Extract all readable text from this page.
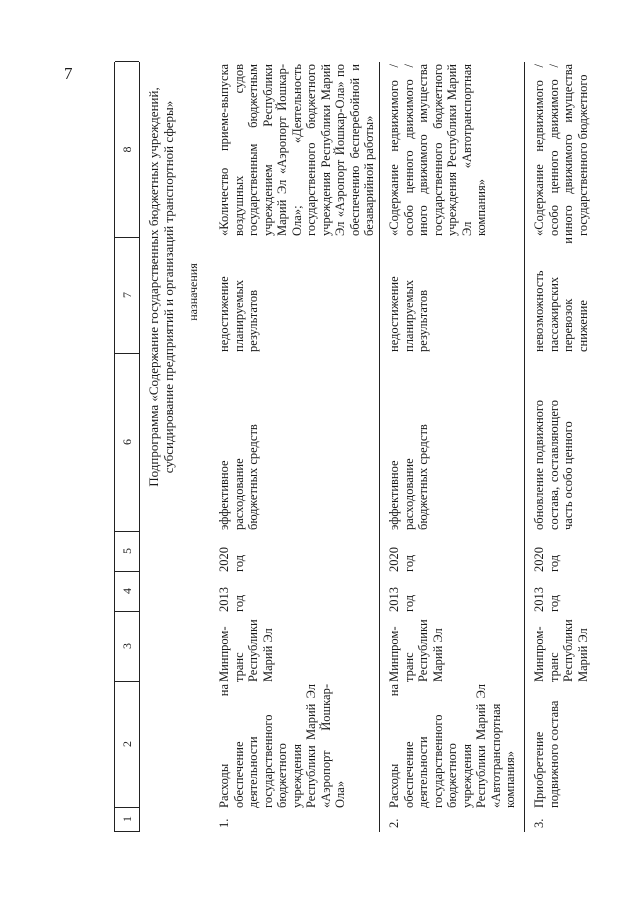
7
1
2
3
4
5
6
7
8 Подпрограмма «Содержание государственных бюджетных учреждений, субсидирование предприятий и организаций транспортной сферы» назначения
1.
Расходы на обеспечение деятельности государственного бюджетного учреждения Республики Марий Эл «Аэропорт Йошкар-Ола»
Минпром-транс Республики Марий Эл
2013 год
2020 год
эффективное расходование бюджетных средств
недостижение планируемых результатов
«Количество приеме-выпуска воздушных судов государственным бюджетным учреждением Республики Марий Эл «Аэропорт Йошкар-Ола»; «Деятельность государственного бюджетного учреждения Республики Марий Эл «Аэропорт Йошкар-Ола» по обеспечению бесперебойной и безаварийной работы»
2.
Расходы на обеспечение деятельности государственного бюджетного учреждения Республики Марий Эл «Автотранспортная компания»
Минпром-транс Республики Марий Эл
2013 год
2020 год
эффективное расходование бюджетных средств
недостижение планируемых результатов
«Содержание недвижимого / особо ценного движимого / иного движимого имущества государственного бюджетного учреждения Республики Марий Эл «Автотранспортная компания»
3.
Приобретение подвижного состава
Минпром-транс Республики Марий Эл
2013 год
2020 год
обновление подвижного состава, составляющего часть особо ценного
невозможность пассажирских перевозок и снижение
«Содержание недвижимого / особо ценного движимого / иного движимого имущества государственного бюджетного
